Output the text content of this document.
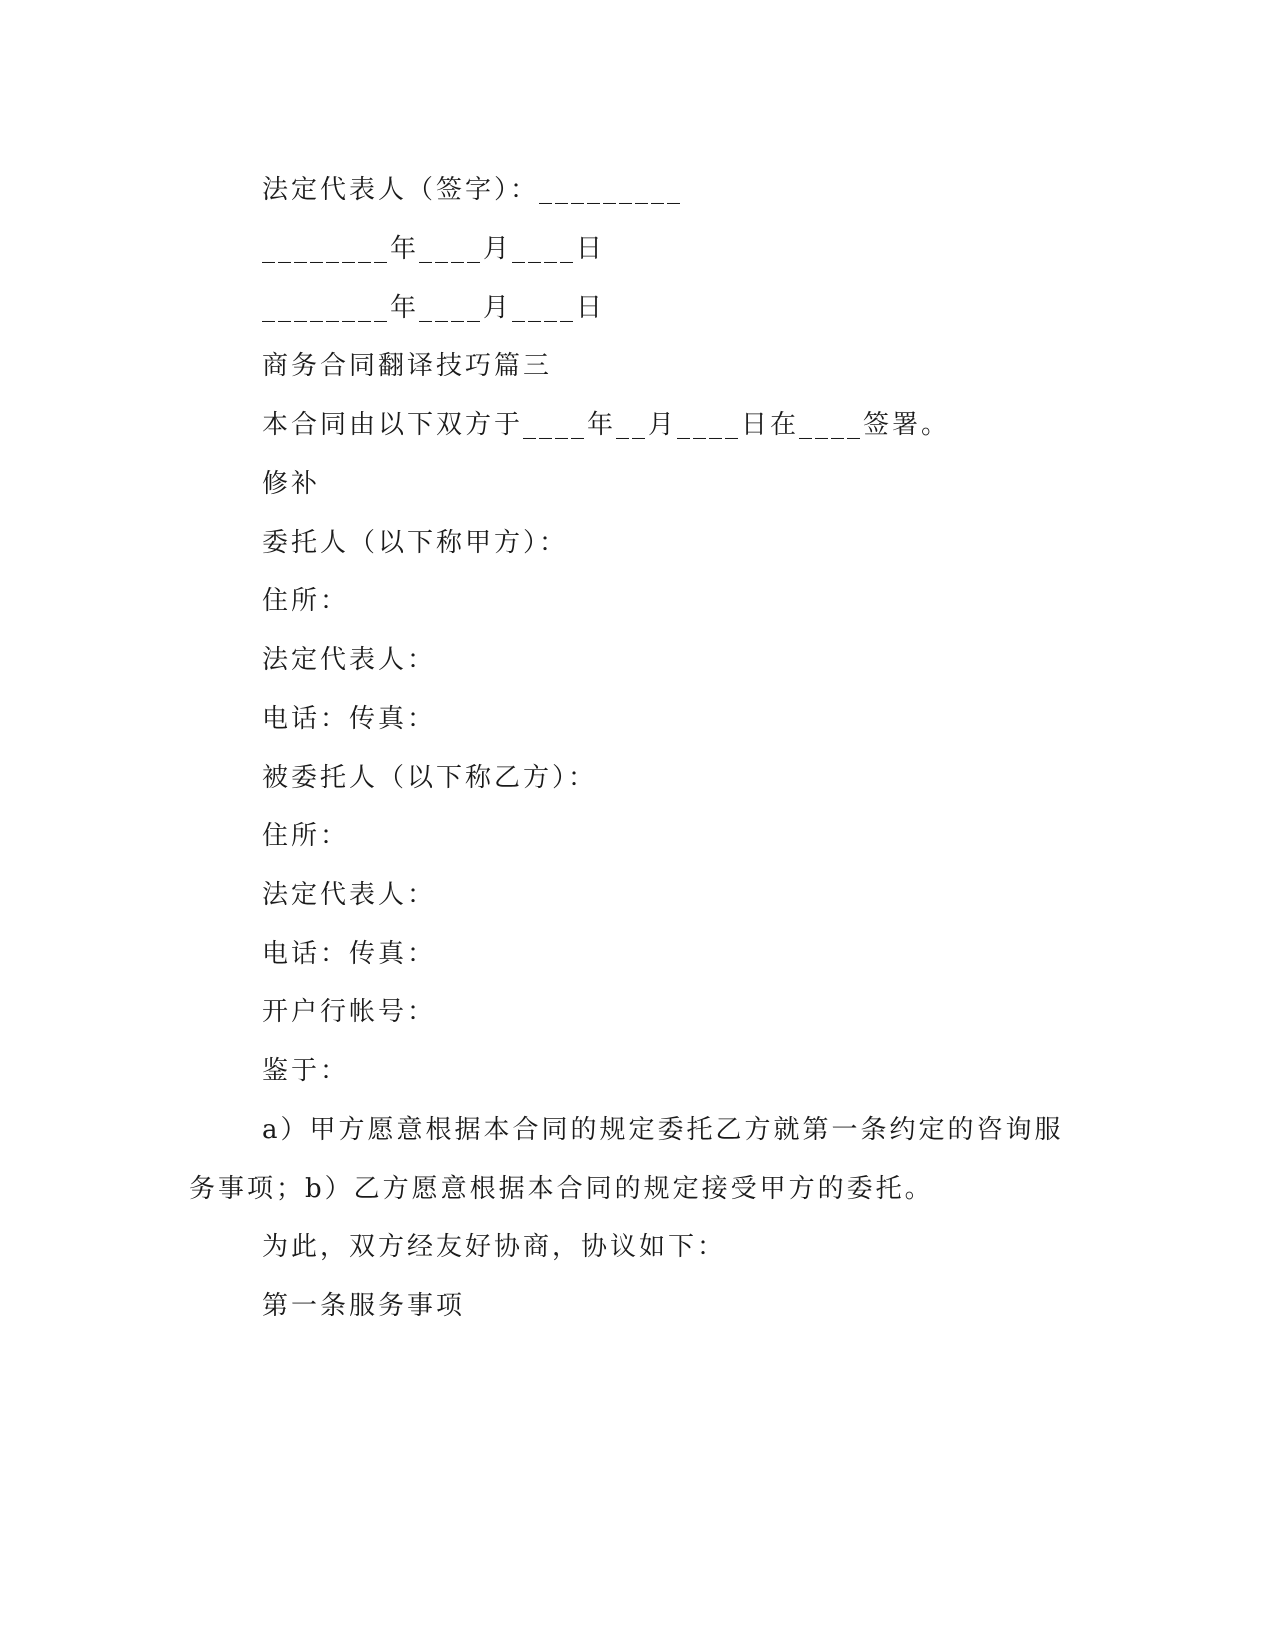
法定代表人（签字）：_________
________年____月____日
________年____月____日
商务合同翻译技巧篇三
本合同由以下双方于____年__月____日在____签署。
修补
委托人（以下称甲方）：
住所：
法定代表人：
电话：传真：
被委托人（以下称乙方）：
住所：
法定代表人：
电话：传真：
开户行帐号：
鉴于：
a）甲方愿意根据本合同的规定委托乙方就第一条约定的咨询服
务事项；b）乙方愿意根据本合同的规定接受甲方的委托。
为此，双方经友好协商，协议如下：
第一条服务事项
